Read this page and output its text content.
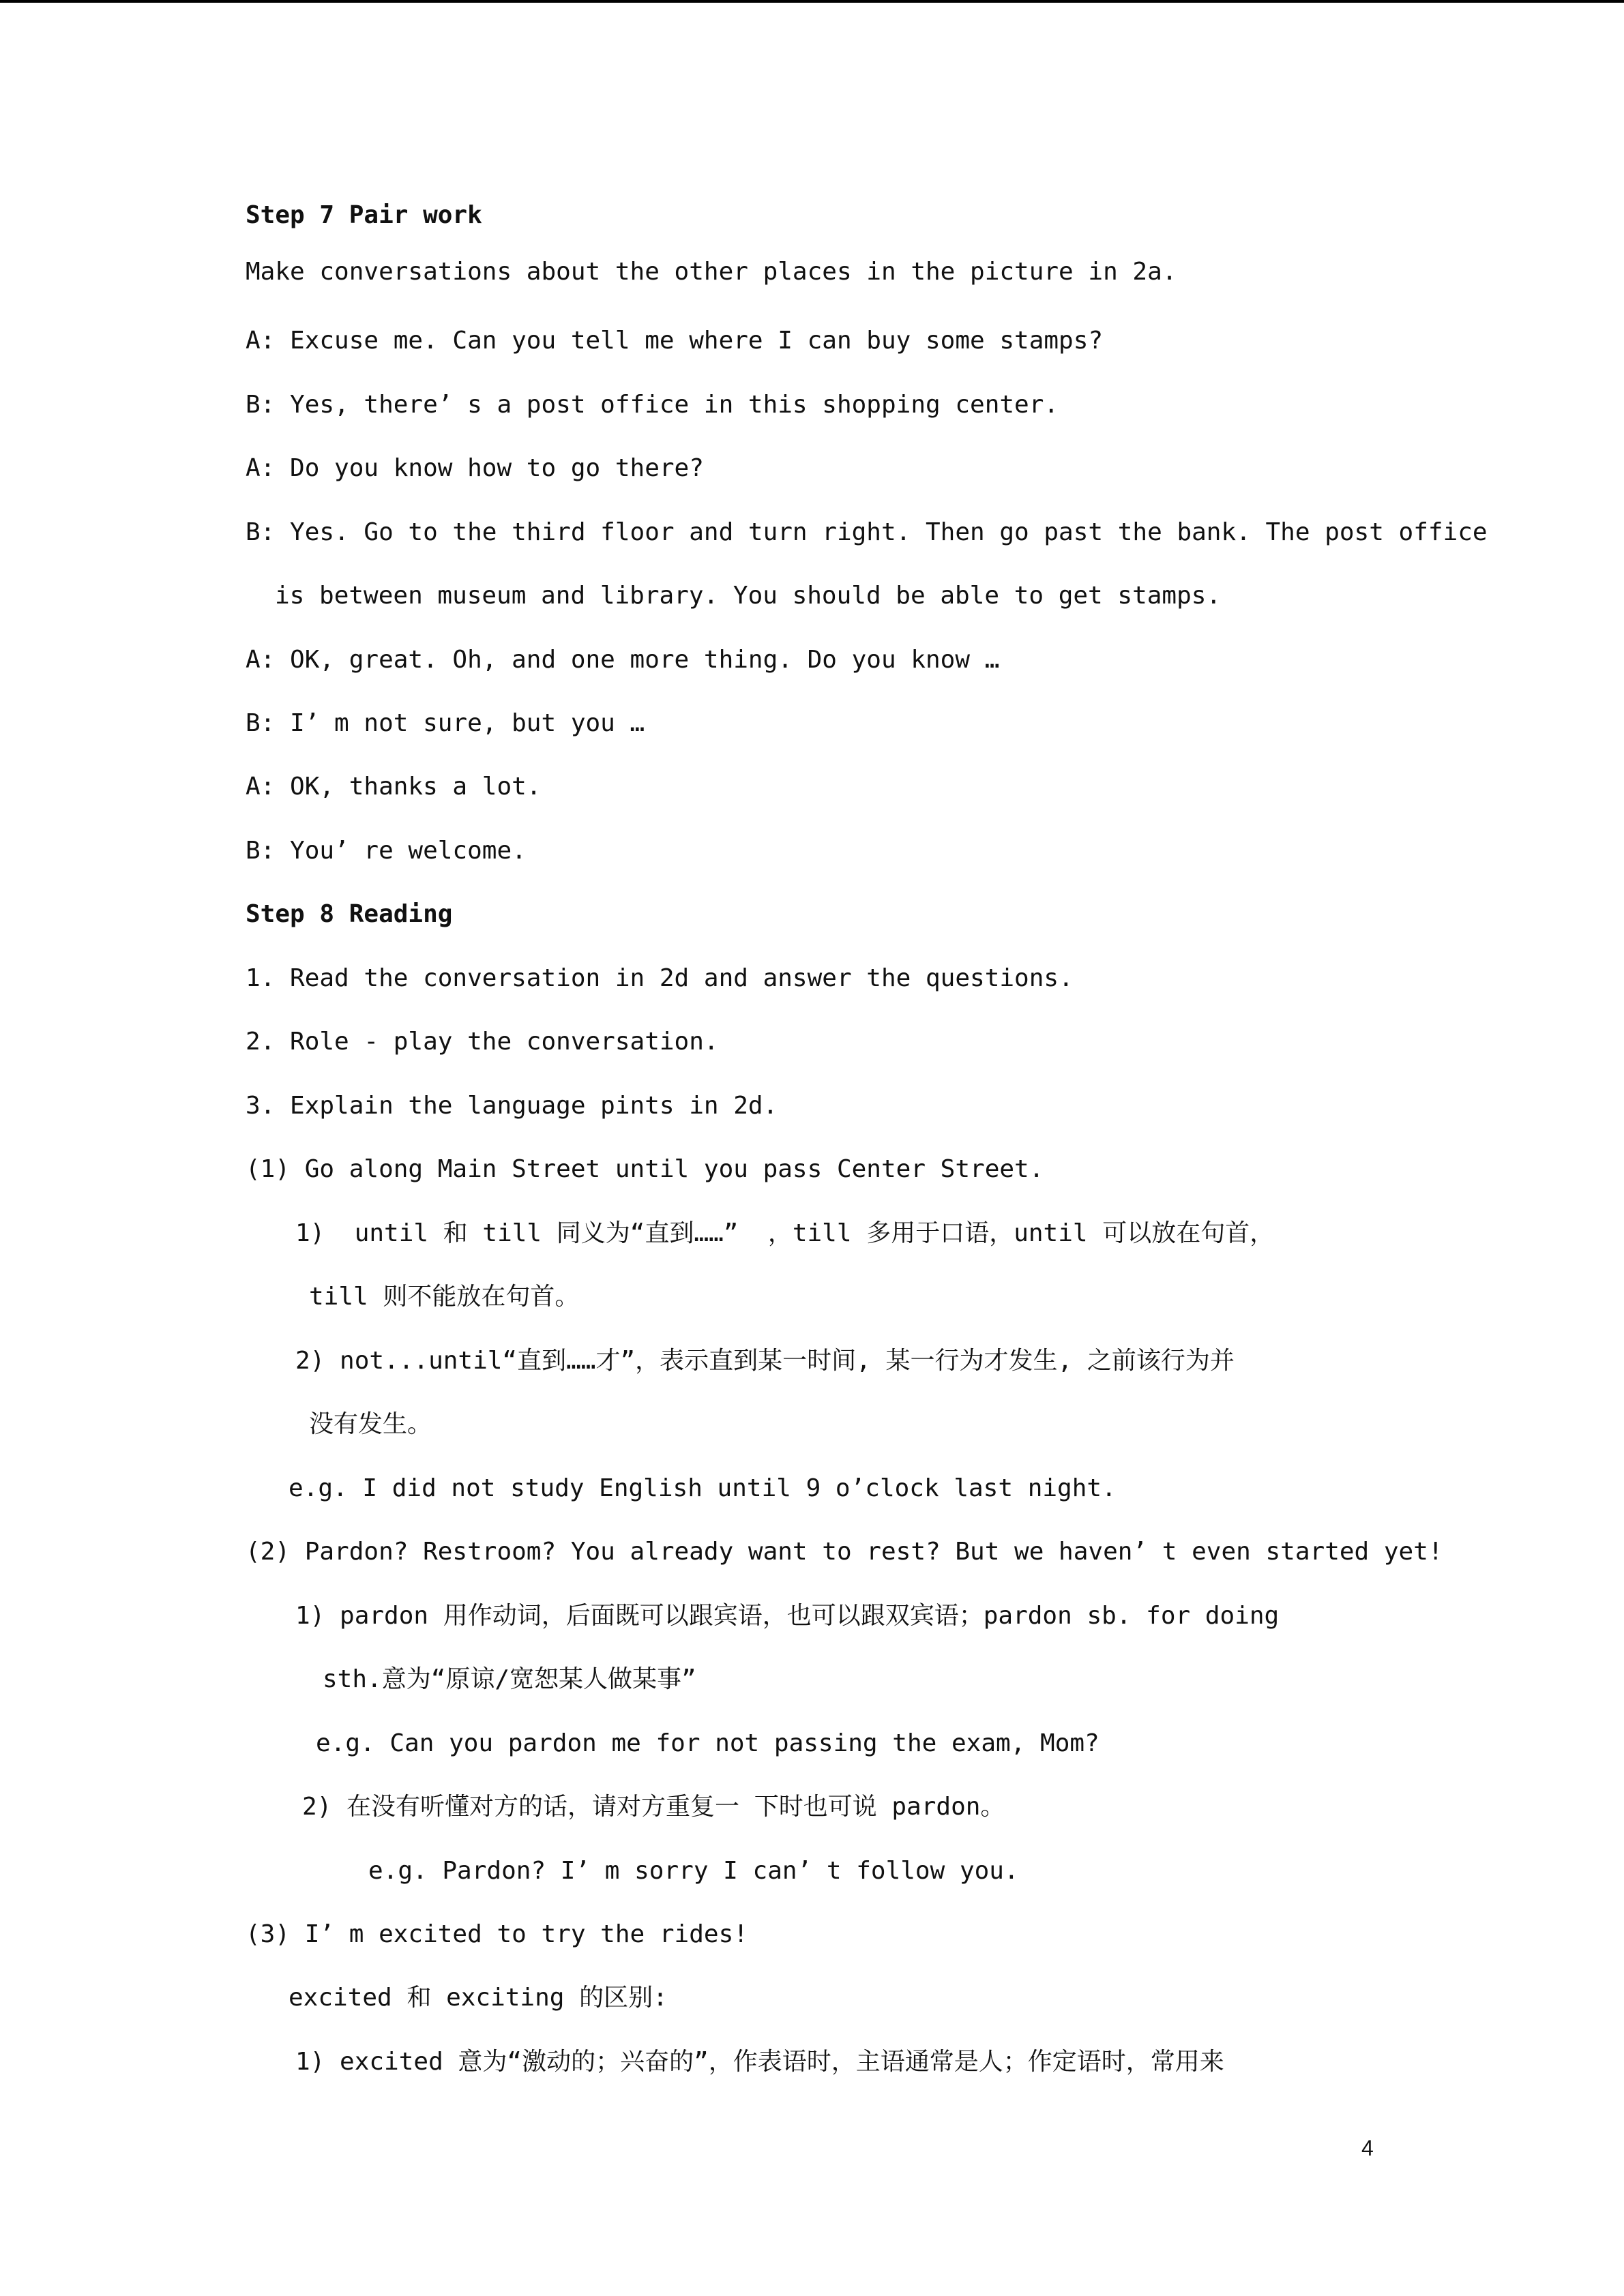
Step 7 Pair work
Make conversations about the other places in the picture in 2a.
A: Excuse me. Can you tell me where I can buy some stamps?
B: Yes, there’ s a post office in this shopping center.
A: Do you know how to go there?
B: Yes. Go to the third floor and turn right. Then go past the bank. The post office
is between museum and library. You should be able to get stamps.
A: OK, great. Oh, and one more thing. Do you know …
B: I’ m not sure, but you …
A: OK, thanks a lot.
B: You’ re welcome.
Step 8 Reading
1. Read the conversation in 2d and answer the questions.
2. Role - play the conversation.
3. Explain the language pints in 2d.
(1) Go along Main Street until you pass Center Street.
1)  until 和 till 同义为“直到……”  ，till 多用于口语，until 可以放在句首，
till 则不能放在句首。
2) not...until“直到……才”，表示直到某一时间, 某一行为才发生, 之前该行为并
没有发生。
e.g. I did not study English until 9 o’clock last night.
(2) Pardon? Restroom? You already want to rest? But we haven’ t even started yet!
1) pardon 用作动词，后面既可以跟宾语，也可以跟双宾语；pardon sb. for doing
sth.意为“原谅/宽恕某人做某事”
e.g. Can you pardon me for not passing the exam, Mom?
2) 在没有听懂对方的话，请对方重复一 下时也可说 pardon。
e.g. Pardon? I’ m sorry I can’ t follow you.
(3) I’ m excited to try the rides!
excited 和 exciting 的区别:
1) excited 意为“激动的；兴奋的”，作表语时，主语通常是人；作定语时，常用来
4
